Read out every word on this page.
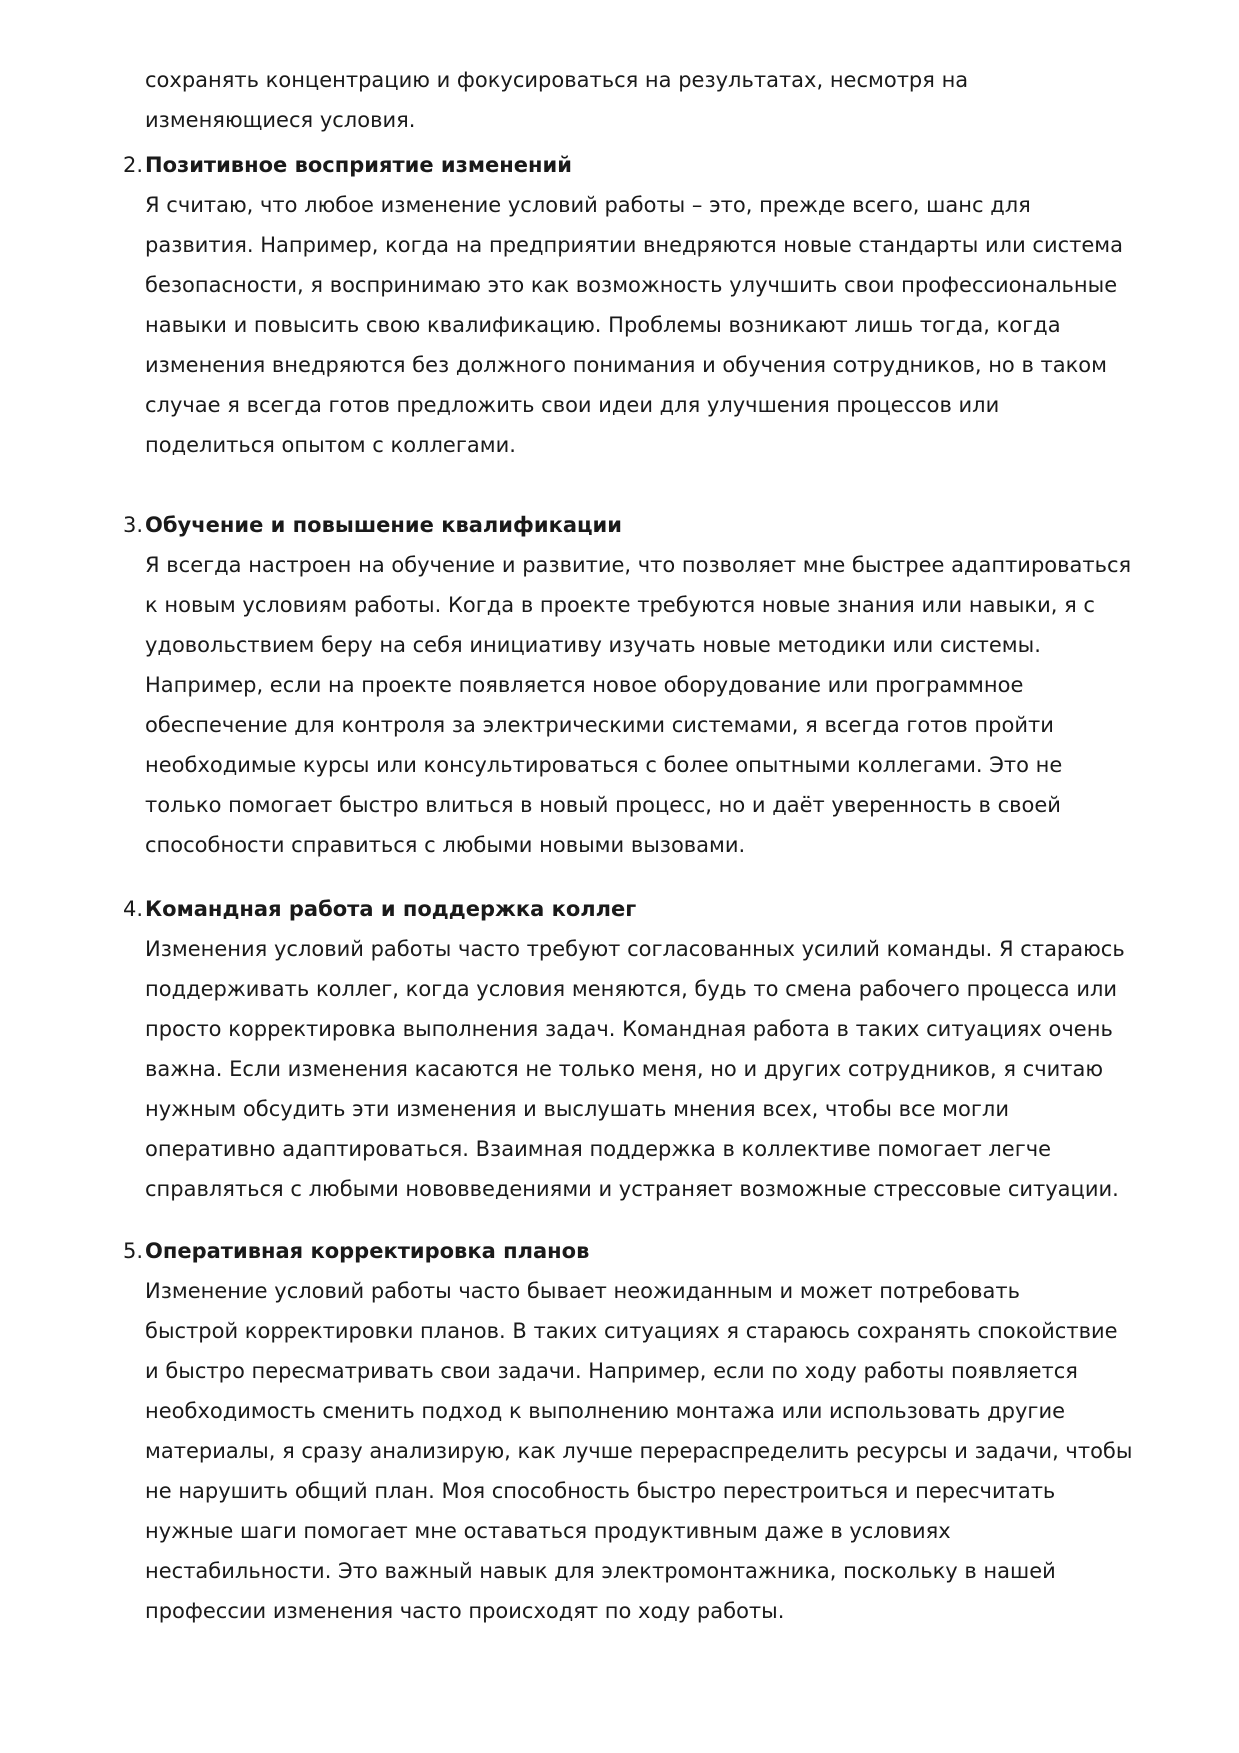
сохранять концентрацию и фокусироваться на результатах, несмотря на
изменяющиеся условия.
2. Позитивное восприятие изменений
Я считаю, что любое изменение условий работы – это, прежде всего, шанс для
развития. Например, когда на предприятии внедряются новые стандарты или система
безопасности, я воспринимаю это как возможность улучшить свои профессиональные
навыки и повысить свою квалификацию. Проблемы возникают лишь тогда, когда
изменения внедряются без должного понимания и обучения сотрудников, но в таком
случае я всегда готов предложить свои идеи для улучшения процессов или
поделиться опытом с коллегами.
3. Обучение и повышение квалификации
Я всегда настроен на обучение и развитие, что позволяет мне быстрее адаптироваться
к новым условиям работы. Когда в проекте требуются новые знания или навыки, я с
удовольствием беру на себя инициативу изучать новые методики или системы.
Например, если на проекте появляется новое оборудование или программное
обеспечение для контроля за электрическими системами, я всегда готов пройти
необходимые курсы или консультироваться с более опытными коллегами. Это не
только помогает быстро влиться в новый процесс, но и даёт уверенность в своей
способности справиться с любыми новыми вызовами.
4. Командная работа и поддержка коллег
Изменения условий работы часто требуют согласованных усилий команды. Я стараюсь
поддерживать коллег, когда условия меняются, будь то смена рабочего процесса или
просто корректировка выполнения задач. Командная работа в таких ситуациях очень
важна. Если изменения касаются не только меня, но и других сотрудников, я считаю
нужным обсудить эти изменения и выслушать мнения всех, чтобы все могли
оперативно адаптироваться. Взаимная поддержка в коллективе помогает легче
справляться с любыми нововведениями и устраняет возможные стрессовые ситуации.
5. Оперативная корректировка планов
Изменение условий работы часто бывает неожиданным и может потребовать
быстрой корректировки планов. В таких ситуациях я стараюсь сохранять спокойствие
и быстро пересматривать свои задачи. Например, если по ходу работы появляется
необходимость сменить подход к выполнению монтажа или использовать другие
материалы, я сразу анализирую, как лучше перераспределить ресурсы и задачи, чтобы
не нарушить общий план. Моя способность быстро перестроиться и пересчитать
нужные шаги помогает мне оставаться продуктивным даже в условиях
нестабильности. Это важный навык для электромонтажника, поскольку в нашей
профессии изменения часто происходят по ходу работы.
